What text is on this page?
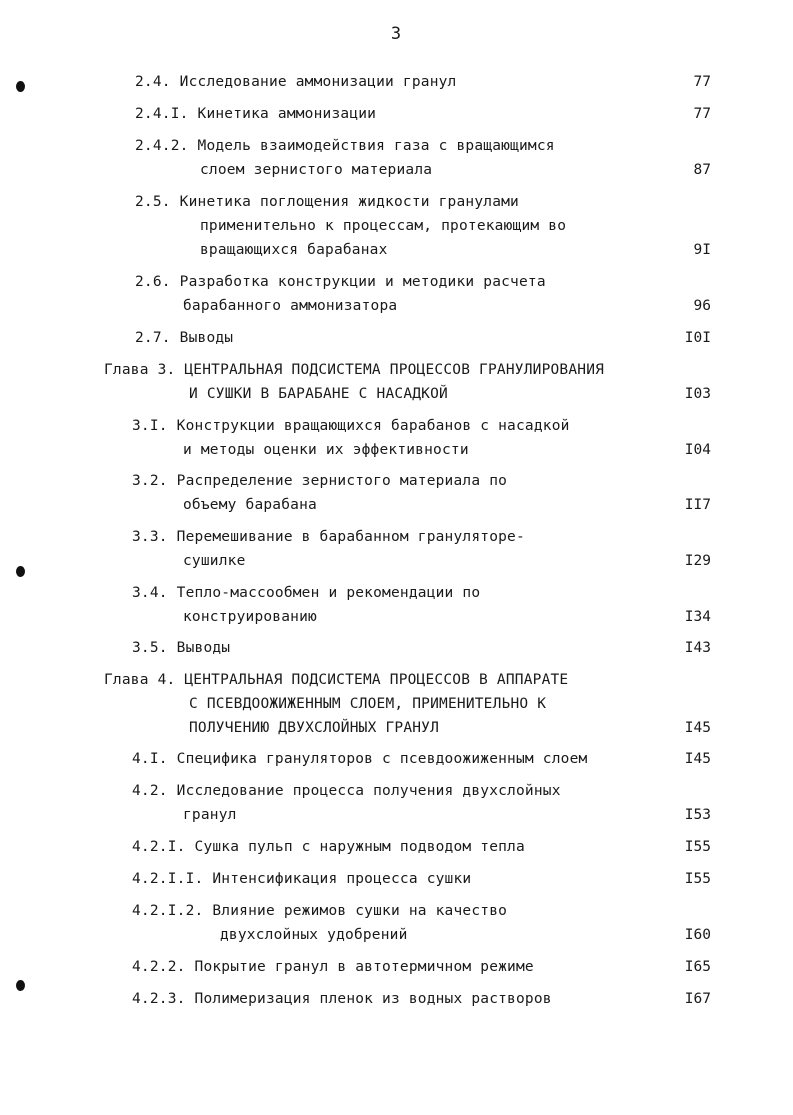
3
2.4. Исследование аммонизации гранул	77
2.4.I. Кинетика аммонизации	77
2.4.2. Модель взаимодействия газа с вращающимся
слоем зернистого материала	87
2.5. Кинетика поглощения жидкости гранулами
применительно к процессам, протекающим во
вращающихся барабанах	9I
2.6. Разработка конструкции и методики расчета
барабанного аммонизатора	96
2.7. Выводы	I0I
Глава 3. ЦЕНТРАЛЬНАЯ ПОДСИСТЕМА ПРОЦЕССОВ ГРАНУЛИРОВАНИЯ
И СУШКИ В БАРАБАНЕ С НАСАДКОЙ	I03
3.I. Конструкции вращающихся барабанов с насадкой
и методы оценки их эффективности	I04
3.2. Распределение зернистого материала по
объему барабана	II7
3.3. Перемешивание в барабанном грануляторе-
сушилке	I29
3.4. Тепло-массообмен и рекомендации по
конструированию	I34
3.5. Выводы	I43
Глава 4. ЦЕНТРАЛЬНАЯ ПОДСИСТЕМА ПРОЦЕССОВ В АППАРАТЕ
С ПСЕВДООЖИЖЕННЫМ СЛОЕМ, ПРИМЕНИТЕЛЬНО К
ПОЛУЧЕНИЮ ДВУХСЛОЙНЫХ ГРАНУЛ	I45
4.I. Специфика грануляторов с псевдоожиженным слоем	I45
4.2. Исследование процесса получения двухслойных
гранул	I53
4.2.I. Сушка пульп с наружным подводом тепла	I55
4.2.I.I. Интенсификация процесса сушки	I55
4.2.I.2. Влияние режимов сушки на качество
двухслойных удобрений	I60
4.2.2. Покрытие гранул в автотермичном режиме	I65
4.2.3. Полимеризация пленок из водных растворов	I67
